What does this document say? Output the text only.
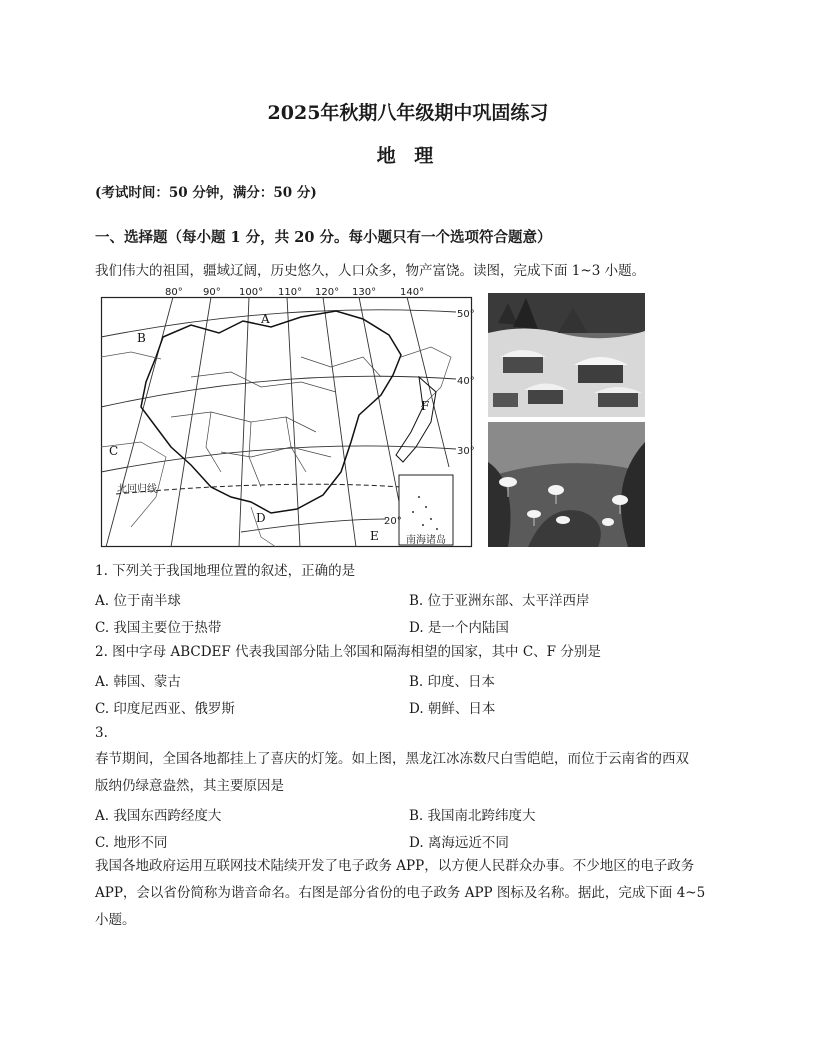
2025年秋期八年级期中巩固练习
地 理
(考试时间：50 分钟，满分：50 分)
一、选择题（每小题 1 分，共 20 分。每小题只有一个选项符合题意）
我们伟大的祖国，疆域辽阔，历史悠久，人口众多，物产富饶。读图，完成下面 1~3 小题。
南海诸岛
北回归线
A
B
C
D
E
F
50°
40°
30°
20°
80° 90° 100° 110° 120° 130° 140°
1. 下列关于我国地理位置的叙述，正确的是
A. 位于南半球	B. 位于亚洲东部、太平洋西岸
C. 我国主要位于热带	D. 是一个内陆国
2. 图中字母 ABCDEF 代表我国部分陆上邻国和隔海相望的国家，其中 C、F 分别是
A. 韩国、蒙古	B. 印度、日本
C. 印度尼西亚、俄罗斯	D. 朝鲜、日本
3.
春节期间，全国各地都挂上了喜庆的灯笼。如上图，黑龙江冰冻数尺白雪皑皑，而位于云南省的西双
版纳仍绿意盎然，其主要原因是
A. 我国东西跨经度大	B. 我国南北跨纬度大
C. 地形不同	D. 离海远近不同
我国各地政府运用互联网技术陆续开发了电子政务 APP，以方便人民群众办事。不少地区的电子政务
APP，会以省份简称为谐音命名。右图是部分省份的电子政务 APP 图标及名称。据此，完成下面 4~5
小题。
